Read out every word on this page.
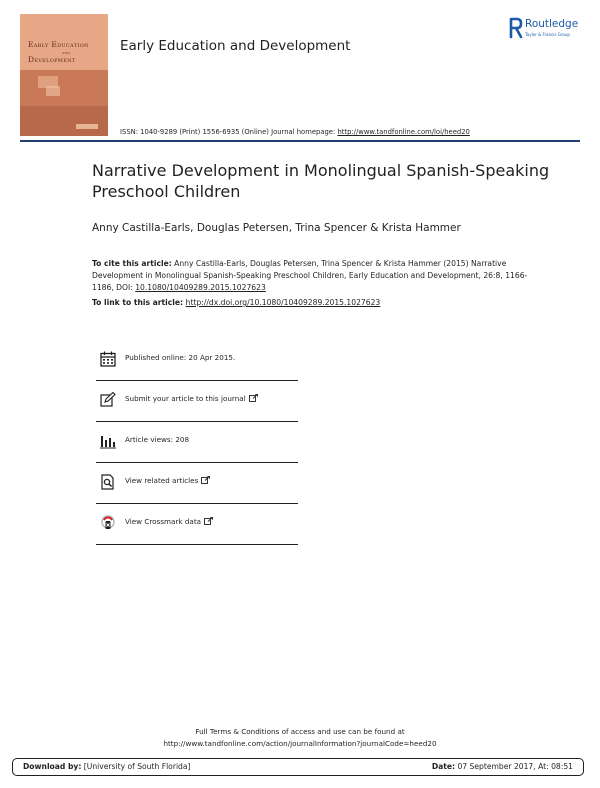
Early Education
and
Development
Early Education and Development
Routledge
Taylor & Francis Group
ISSN: 1040-9289 (Print) 1556-6935 (Online) Journal homepage: http://www.tandfonline.com/loi/heed20
Narrative Development in Monolingual Spanish-Speaking Preschool Children
Anny Castilla-Earls, Douglas Petersen, Trina Spencer & Krista Hammer
To cite this article: Anny Castilla-Earls, Douglas Petersen, Trina Spencer & Krista Hammer (2015) Narrative Development in Monolingual Spanish-Speaking Preschool Children, Early Education and Development, 26:8, 1166-1186, DOI: 10.1080/10409289.2015.1027623
To link to this article: http://dx.doi.org/10.1080/10409289.2015.1027623
Published online: 20 Apr 2015.
Submit your article to this journal
Article views: 208
View related articles
View Crossmark data
Full Terms & Conditions of access and use can be found at
http://www.tandfonline.com/action/journalInformation?journalCode=heed20
Download by: [University of South Florida]	Date: 07 September 2017, At: 08:51
